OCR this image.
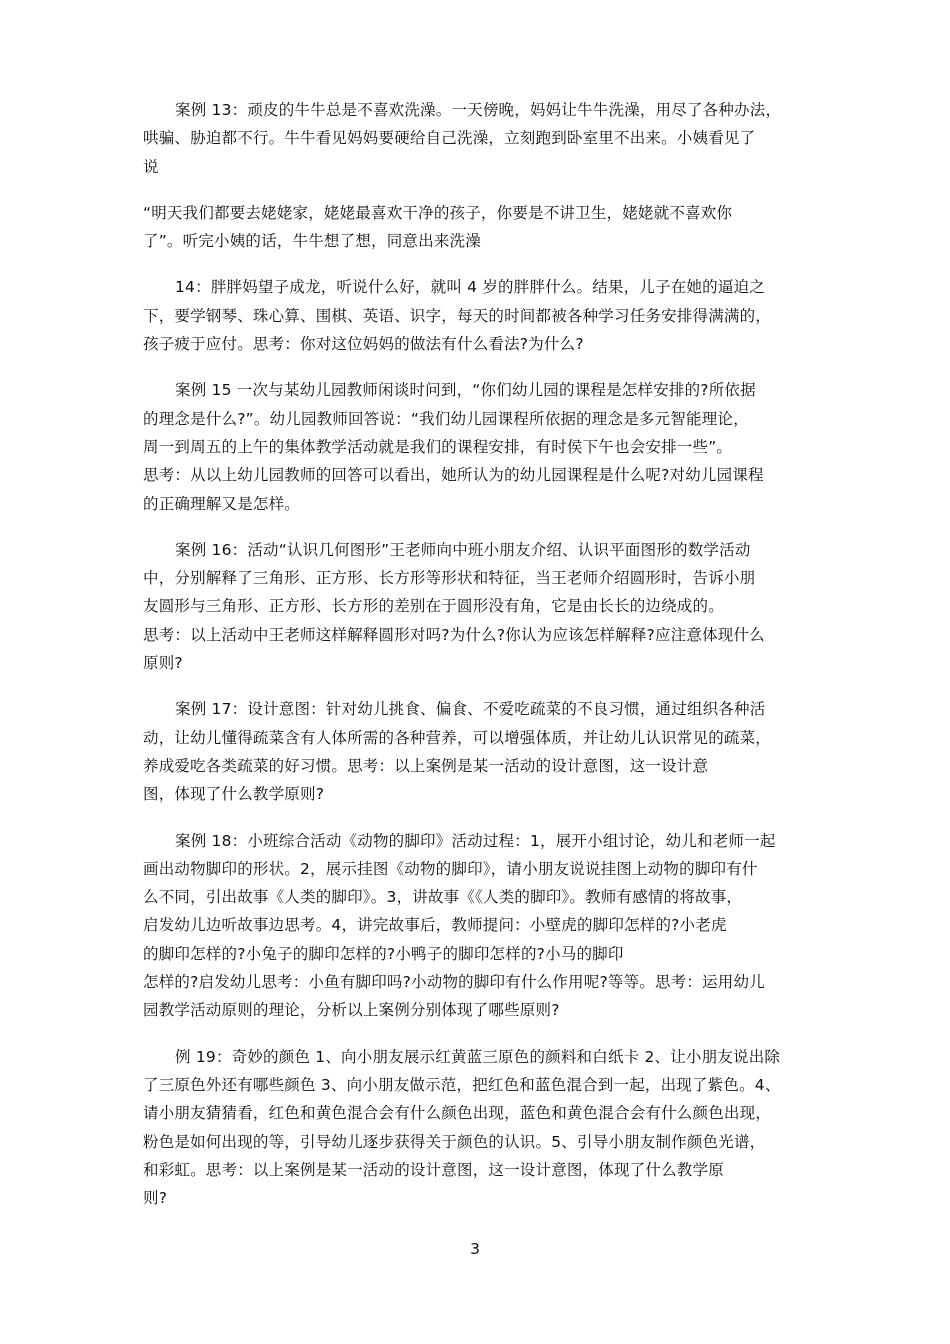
案例 13：顽皮的牛牛总是不喜欢洗澡。一天傍晚，妈妈让牛牛洗澡，用尽了各种办法，
哄骗、胁迫都不行。牛牛看见妈妈要硬给自己洗澡，立刻跑到卧室里不出来。小姨看见了
说
“明天我们都要去姥姥家，姥姥最喜欢干净的孩子，你要是不讲卫生，姥姥就不喜欢你
了”。听完小姨的话，牛牛想了想，同意出来洗澡
14：胖胖妈望子成龙，听说什么好，就叫 4 岁的胖胖什么。结果，儿子在她的逼迫之
下，要学钢琴、珠心算、围棋、英语、识字，每天的时间都被各种学习任务安排得满满的，
孩子疲于应付。思考：你对这位妈妈的做法有什么看法?为什么?
案例 15 一次与某幼儿园教师闲谈时问到，“你们幼儿园的课程是怎样安排的?所依据
的理念是什么?”。幼儿园教师回答说：“我们幼儿园课程所依据的理念是多元智能理论，
周一到周五的上午的集体教学活动就是我们的课程安排，有时侯下午也会安排一些”。
思考：从以上幼儿园教师的回答可以看出，她所认为的幼儿园课程是什么呢?对幼儿园课程
的正确理解又是怎样。
案例 16：活动“认识几何图形”王老师向中班小朋友介绍、认识平面图形的数学活动
中，分别解释了三角形、正方形、长方形等形状和特征，当王老师介绍圆形时，告诉小朋
友圆形与三角形、正方形、长方形的差别在于圆形没有角，它是由长长的边绕成的。
思考：以上活动中王老师这样解释圆形对吗?为什么?你认为应该怎样解释?应注意体现什么
原则?
案例 17：设计意图：针对幼儿挑食、偏食、不爱吃疏菜的不良习惯，通过组织各种活
动，让幼儿懂得疏菜含有人体所需的各种营养，可以增强体质，并让幼儿认识常见的疏菜，
养成爱吃各类疏菜的好习惯。思考：以上案例是某一活动的设计意图，这一设计意
图，体现了什么教学原则?
案例 18：小班综合活动《动物的脚印》活动过程：1，展开小组讨论，幼儿和老师一起
画出动物脚印的形状。2，展示挂图《动物的脚印》，请小朋友说说挂图上动物的脚印有什
么不同，引出故事《人类的脚印》。3，讲故事《《人类的脚印》。教师有感情的将故事，
启发幼儿边听故事边思考。4，讲完故事后，教师提问：小壁虎的脚印怎样的?小老虎
的脚印怎样的?小兔子的脚印怎样的?小鸭子的脚印怎样的?小马的脚印
怎样的?启发幼儿思考：小鱼有脚印吗?小动物的脚印有什么作用呢?等等。思考：运用幼儿
园教学活动原则的理论，分析以上案例分别体现了哪些原则?
例 19：奇妙的颜色 1、向小朋友展示红黄蓝三原色的颜料和白纸卡 2、让小朋友说出除
了三原色外还有哪些颜色 3、向小朋友做示范，把红色和蓝色混合到一起，出现了紫色。4、
请小朋友猜猜看，红色和黄色混合会有什么颜色出现，蓝色和黄色混合会有什么颜色出现，
粉色是如何出现的等，引导幼儿逐步获得关于颜色的认识。5、引导小朋友制作颜色光谱，
和彩虹。思考：以上案例是某一活动的设计意图，这一设计意图，体现了什么教学原
则?
3
